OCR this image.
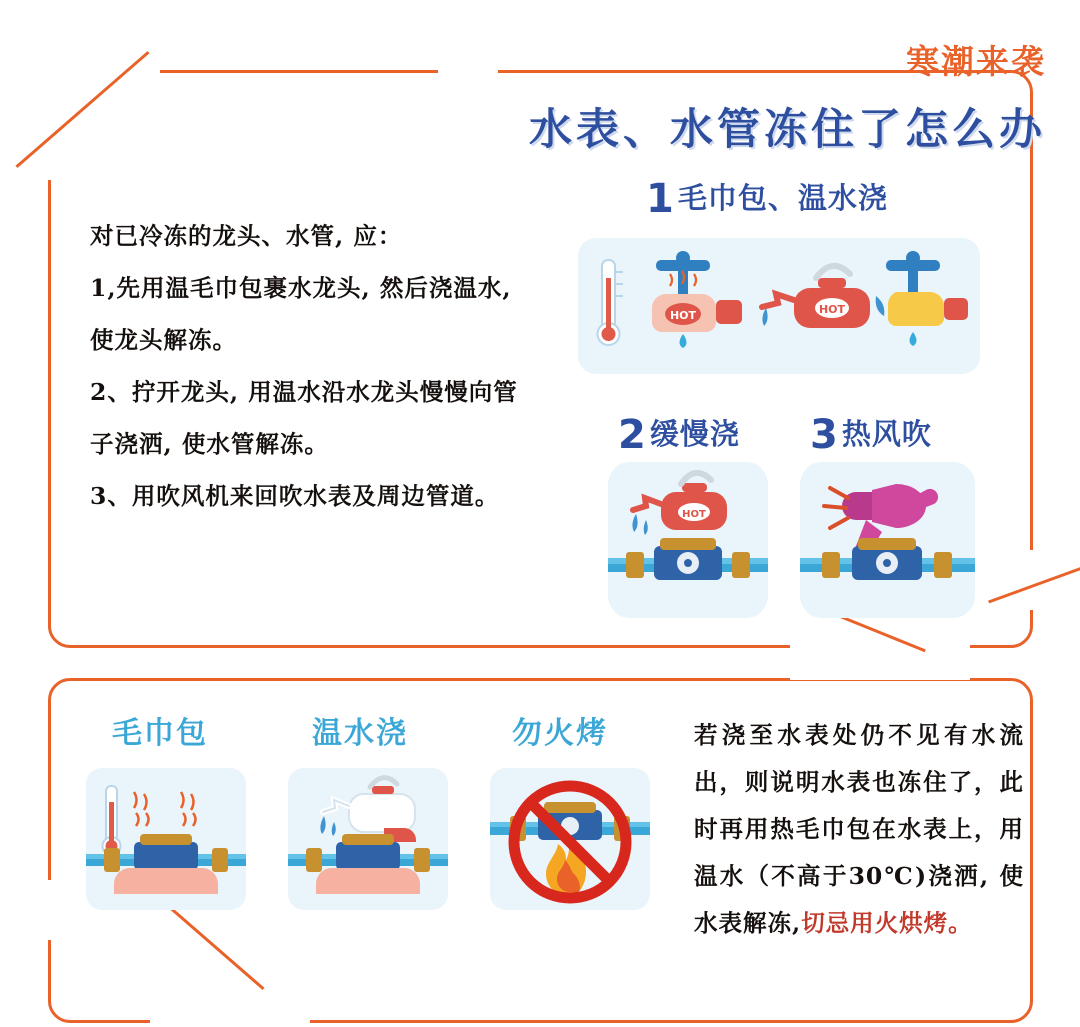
寒潮来袭
水表、水管冻住了怎么办

对已冷冻的龙头、水管, 应：

1,先用温毛巾包裹水龙头, 然后浇温水,

使龙头解冻。

2、拧开龙头, 用温水沿水龙头慢慢向管

子浇洒, 使水管解冻。

3、用吹风机来回吹水表及周边管道。

1 毛巾包、温水浇
HOT	HOT
2 缓慢浇
HOT
3 热风吹
毛巾包	温水浇	勿火烤	若浇至水表处仍不见有水流出，则说明水表也冻住了，此时再用热毛巾包在水表上，用温水（不高于30℃)浇洒, 使水表解冻,切忌用火烘烤。
